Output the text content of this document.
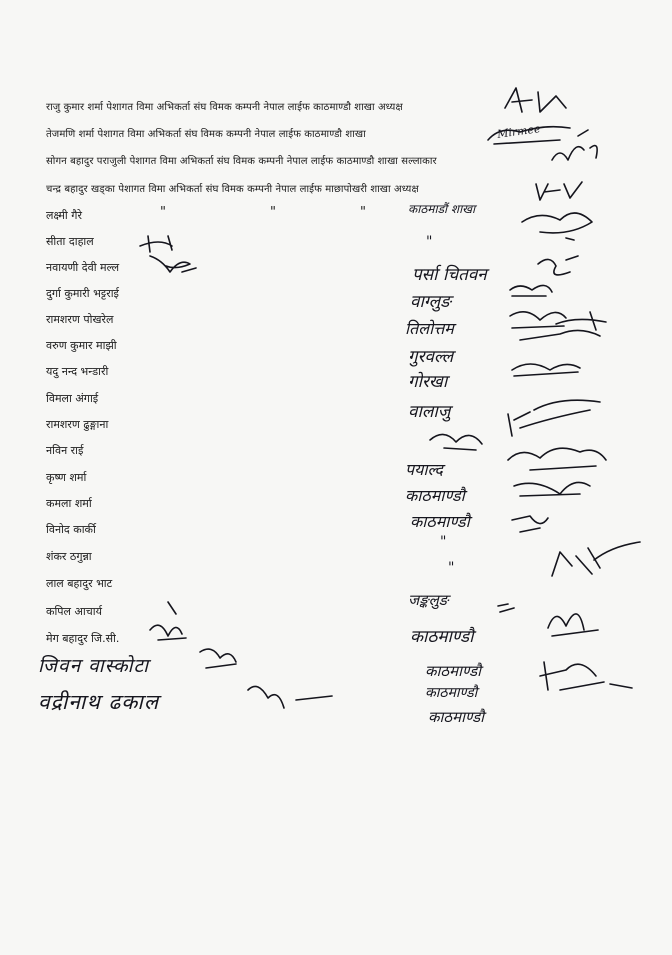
राजु कुमार शर्मा पेशागत विमा अभिकर्ता संघ विमक कम्पनी नेपाल लाईफ काठमाण्डौ शाखा अध्यक्ष
तेजमणि शर्मा पेशागत विमा अभिकर्ता संघ विमक कम्पनी नेपाल लाईफ काठमाण्डौ शाखा
सोगन बहादुर पराजुली पेशागत विमा अभिकर्ता संघ विमक कम्पनी नेपाल लाईफ काठमाण्डौ शाखा सल्लाकार
चन्द्र बहादुर खड्का पेशागत विमा अभिकर्ता संघ विमक कम्पनी नेपाल लाईफ माछापोखरी शाखा अध्यक्ष
"	"	"
लक्ष्मी गैरे
सीता दाहाल
नवायणी देवी मल्ल
दुर्गा कुमारी भट्टराई
रामशरण पोखरेल
वरुण कुमार माझी
यदु नन्द भन्डारी
विमला अंगाई
रामशरण ढुङ्गाना
नविन राई
कृष्ण शर्मा
कमला शर्मा
विनोद कार्की
शंकर ठगुन्ना
लाल बहादुर भाट
कपिल आचार्य
मेग बहादुर जि.सी.
जिवन वास्कोटा
वद्रीनाथ ढकाल
काठमाडौं शाखा
"
पर्सा चितवन
वाग्लुङ
तिलोत्तम
गुरवल्ल
गोरखा
वालाजु
पयाल्द
काठमाण्डौ
काठमाण्डौ
"
"
जङ्कलुङ
काठमाण्डौ
काठमाण्डौ
काठमाण्डौ
काठमाण्डौ
Mirmee
